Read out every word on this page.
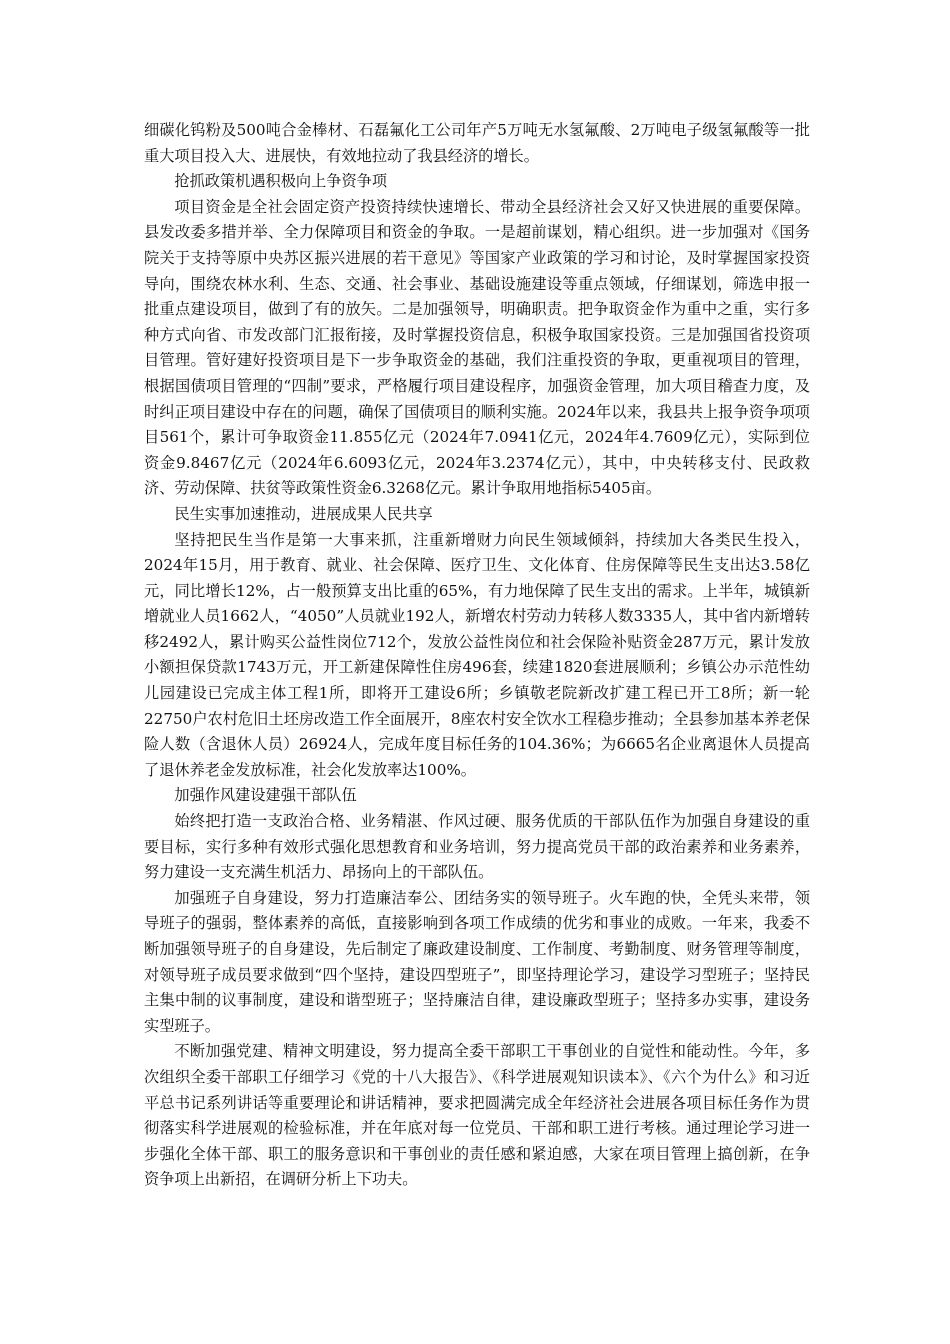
细碳化钨粉及500吨合金棒材、石磊氟化工公司年产5万吨无水氢氟酸、2万吨电子级氢氟酸等一批重大项目投入大、进展快，有效地拉动了我县经济的增长。

抢抓政策机遇积极向上争资争项

项目资金是全社会固定资产投资持续快速增长、带动全县经济社会又好又快进展的重要保障。县发改委多措并举、全力保障项目和资金的争取。一是超前谋划，精心组织。进一步加强对《国务院关于支持等原中央苏区振兴进展的若干意见》等国家产业政策的学习和讨论，及时掌握国家投资导向，围绕农林水利、生态、交通、社会事业、基础设施建设等重点领域，仔细谋划，筛选申报一批重点建设项目，做到了有的放矢。二是加强领导，明确职责。把争取资金作为重中之重，实行多种方式向省、市发改部门汇报衔接，及时掌握投资信息，积极争取国家投资。三是加强国省投资项目管理。管好建好投资项目是下一步争取资金的基础，我们注重投资的争取，更重视项目的管理，根据国债项目管理的“四制”要求，严格履行项目建设程序，加强资金管理，加大项目稽查力度，及时纠正项目建设中存在的问题，确保了国债项目的顺利实施。2024年以来，我县共上报争资争项项目561个，累计可争取资金11.855亿元（2024年7.0941亿元，2024年4.7609亿元），实际到位资金9.8467亿元（2024年6.6093亿元，2024年3.2374亿元），其中，中央转移支付、民政救济、劳动保障、扶贫等政策性资金6.3268亿元。累计争取用地指标5405亩。

民生实事加速推动，进展成果人民共享

坚持把民生当作是第一大事来抓，注重新增财力向民生领域倾斜，持续加大各类民生投入，2024年15月，用于教育、就业、社会保障、医疗卫生、文化体育、住房保障等民生支出达3.58亿元，同比增长12%，占一般预算支出比重的65%，有力地保障了民生支出的需求。上半年，城镇新增就业人员1662人，“4050”人员就业192人，新增农村劳动力转移人数3335人，其中省内新增转移2492人，累计购买公益性岗位712个，发放公益性岗位和社会保险补贴资金287万元，累计发放小额担保贷款1743万元，开工新建保障性住房496套，续建1820套进展顺利；乡镇公办示范性幼儿园建设已完成主体工程1所，即将开工建设6所；乡镇敬老院新改扩建工程已开工8所；新一轮22750户农村危旧土坯房改造工作全面展开，8座农村安全饮水工程稳步推动；全县参加基本养老保险人数（含退休人员）26924人，完成年度目标任务的104.36%；为6665名企业离退休人员提高了退休养老金发放标准，社会化发放率达100%。

加强作风建设建强干部队伍

始终把打造一支政治合格、业务精湛、作风过硬、服务优质的干部队伍作为加强自身建设的重要目标，实行多种有效形式强化思想教育和业务培训，努力提高党员干部的政治素养和业务素养，努力建设一支充满生机活力、昂扬向上的干部队伍。

加强班子自身建设，努力打造廉洁奉公、团结务实的领导班子。火车跑的快，全凭头来带，领导班子的强弱，整体素养的高低，直接影响到各项工作成绩的优劣和事业的成败。一年来，我委不断加强领导班子的自身建设，先后制定了廉政建设制度、工作制度、考勤制度、财务管理等制度，对领导班子成员要求做到“四个坚持，建设四型班子”，即坚持理论学习，建设学习型班子；坚持民主集中制的议事制度，建设和谐型班子；坚持廉洁自律，建设廉政型班子；坚持多办实事，建设务实型班子。

不断加强党建、精神文明建设，努力提高全委干部职工干事创业的自觉性和能动性。今年，多次组织全委干部职工仔细学习《党的十八大报告》、《科学进展观知识读本》、《六个为什么》和习近平总书记系列讲话等重要理论和讲话精神，要求把圆满完成全年经济社会进展各项目标任务作为贯彻落实科学进展观的检验标准，并在年底对每一位党员、干部和职工进行考核。通过理论学习进一步强化全体干部、职工的服务意识和干事创业的责任感和紧迫感，大家在项目管理上搞创新，在争资争项上出新招，在调研分析上下功夫。
